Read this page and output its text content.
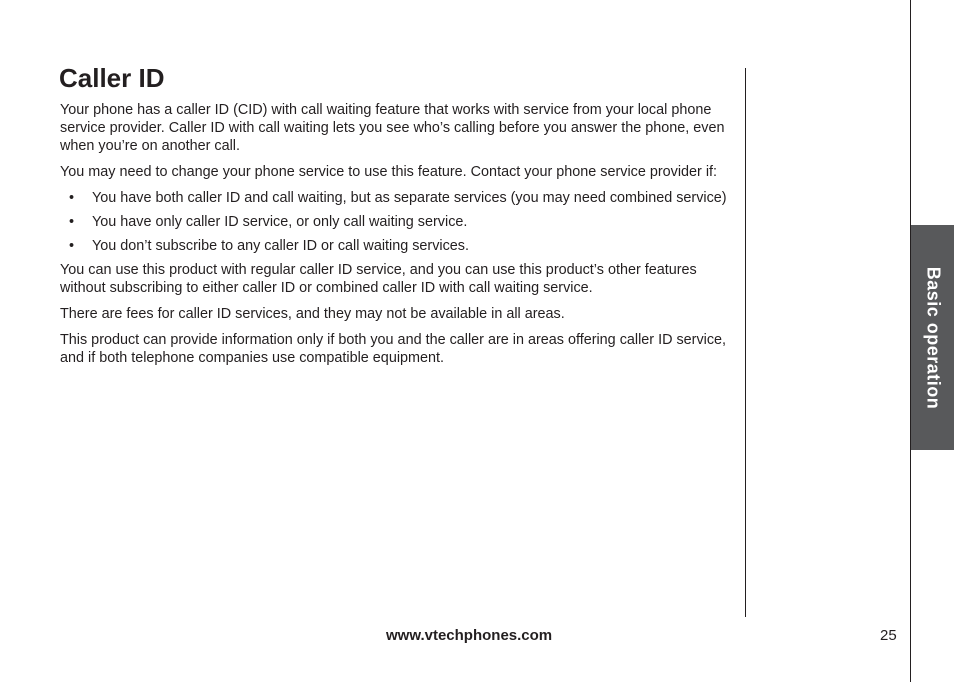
Caller ID

Your phone has a caller ID (CID) with call waiting feature that works with service from your local phone service provider. Caller ID with call waiting lets you see who’s calling before you answer the phone, even when you’re on another call.

You may need to change your phone service to use this feature. Contact your phone service provider if:

• You have both caller ID and call waiting, but as separate services (you may need combined service)
• You have only caller ID service, or only call waiting service.
• You don’t subscribe to any caller ID or call waiting services.

You can use this product with regular caller ID service, and you can use this product’s other features without subscribing to either caller ID or combined caller ID with call waiting service.

There are fees for caller ID services, and they may not be available in all areas.

This product can provide information only if both you and the caller are in areas offering caller ID service, and if both telephone companies use compatible equipment.	Basic operation
www.vtechphones.com	25
